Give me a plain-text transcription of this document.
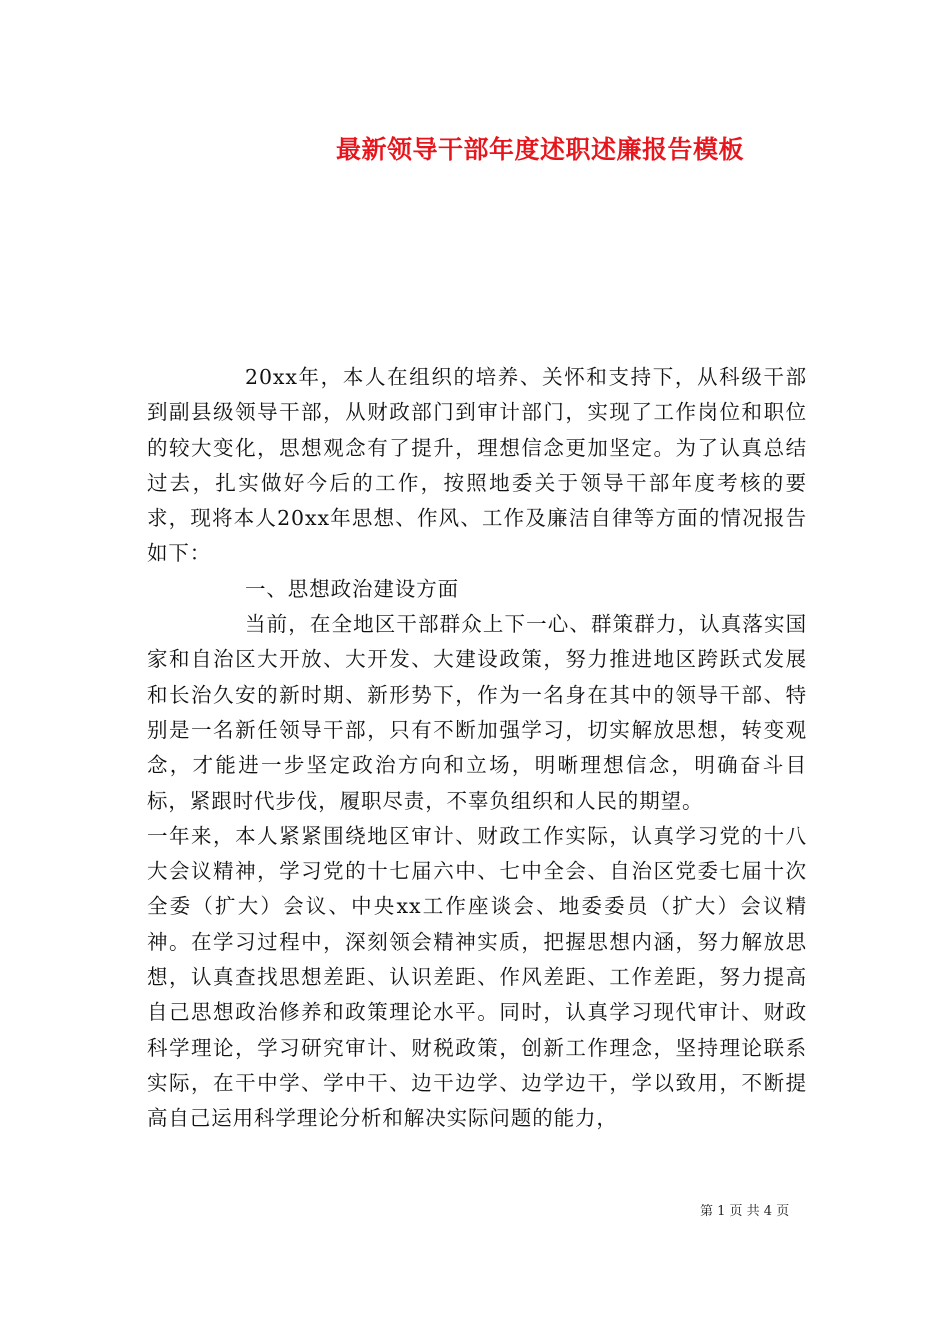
最新领导干部年度述职述廉报告模板

20xx年，本人在组织的培养、关怀和支持下，从科级干部到副县级领导干部，从财政部门到审计部门，实现了工作岗位和职位的较大变化，思想观念有了提升，理想信念更加坚定。为了认真总结过去，扎实做好今后的工作，按照地委关于领导干部年度考核的要求，现将本人20xx年思想、作风、工作及廉洁自律等方面的情况报告如下：

一、思想政治建设方面

当前，在全地区干部群众上下一心、群策群力，认真落实国家和自治区大开放、大开发、大建设政策，努力推进地区跨跃式发展和长治久安的新时期、新形势下，作为一名身在其中的领导干部、特别是一名新任领导干部，只有不断加强学习，切实解放思想，转变观念，才能进一步坚定政治方向和立场，明晰理想信念，明确奋斗目标，紧跟时代步伐，履职尽责，不辜负组织和人民的期望。

一年来，本人紧紧围绕地区审计、财政工作实际，认真学习党的十八大会议精神，学习党的十七届六中、七中全会、自治区党委七届十次全委（扩大）会议、中央xx工作座谈会、地委委员（扩大）会议精神。在学习过程中，深刻领会精神实质，把握思想内涵，努力解放思想，认真查找思想差距、认识差距、作风差距、工作差距，努力提高自己思想政治修养和政策理论水平。同时，认真学习现代审计、财政科学理论，学习研究审计、财税政策，创新工作理念，坚持理论联系实际，在干中学、学中干、边干边学、边学边干，学以致用，不断提高自己运用科学理论分析和解决实际问题的能力，

第 1 页 共 4 页
